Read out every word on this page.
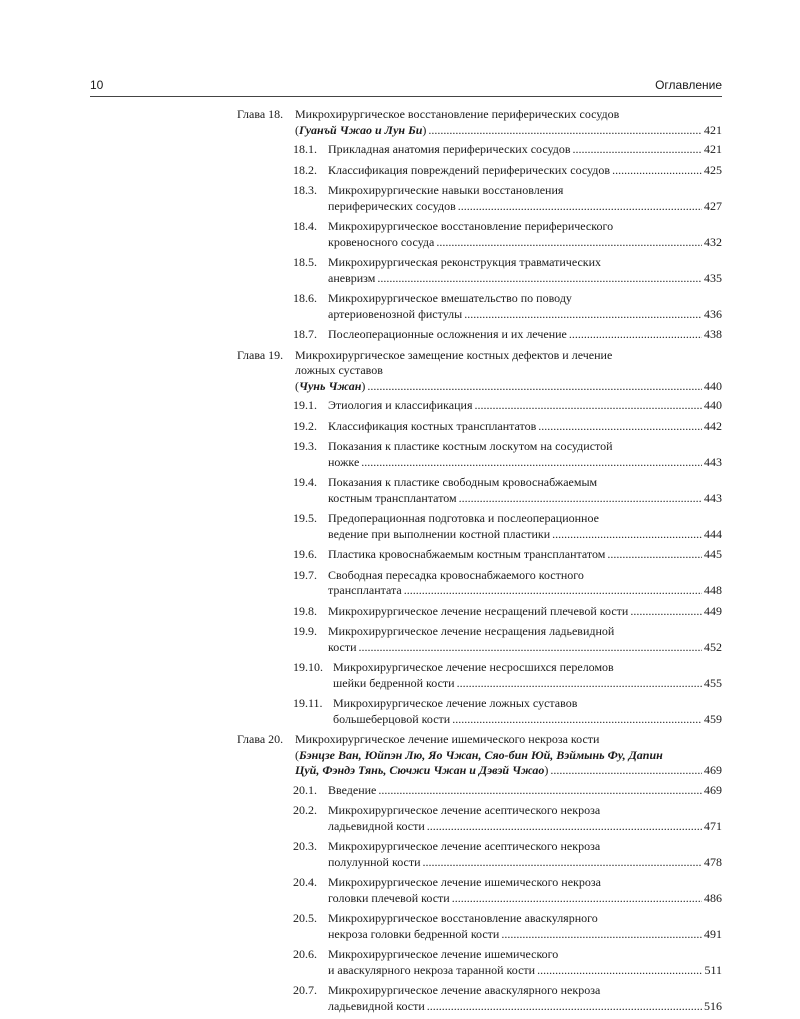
10	Оглавление
Глава 18. Микрохирургическое восстановление периферических сосудов
(Гуанъй Чжао и Лун Би) .....	421
18.1. Прикладная анатомия периферических сосудов .....	421
18.2. Классификация повреждений периферических сосудов .....	425
18.3. Микрохирургические навыки восстановления
периферических сосудов .....	427
18.4. Микрохирургическое восстановление периферического
кровеносного сосуда .....	432
18.5. Микрохирургическая реконструкция травматических
аневризм .....	435
18.6. Микрохирургическое вмешательство по поводу
артериовенозной фистулы .....	436
18.7. Послеоперационные осложнения и их лечение .....	438
Глава 19. Микрохирургическое замещение костных дефектов и лечение
ложных суставов
(Чунь Чжан) .....	440
19.1. Этиология и классификация .....	440
19.2. Классификация костных трансплантатов .....	442
19.3. Показания к пластике костным лоскутом на сосудистой
ножке .....	443
19.4. Показания к пластике свободным кровоснабжаемым
костным трансплантатом .....	443
19.5. Предоперационная подготовка и послеоперационное
ведение при выполнении костной пластики .....	444
19.6. Пластика кровоснабжаемым костным трансплантатом .....	445
19.7. Свободная пересадка кровоснабжаемого костного
трансплантата .....	448
19.8. Микрохирургическое лечение несращений плечевой кости .....	449
19.9. Микрохирургическое лечение несращения ладьевидной
кости .....	452
19.10. Микрохирургическое лечение несросшихся переломов
шейки бедренной кости .....	455
19.11. Микрохирургическое лечение ложных суставов
большеберцовой кости .....	459
Глава 20. Микрохирургическое лечение ишемического некроза кости
(Бэнцзе Ван, Юйпэн Лю, Яо Чжан, Сяо-бин Юй, Вэймынь Фу, Дапин
Цуй, Фэндэ Тянь, Сючжи Чжан и Дэвэй Чжао) .....	469
20.1. Введение .....	469
20.2. Микрохирургическое лечение асептического некроза
ладьевидной кости .....	471
20.3. Микрохирургическое лечение асептического некроза
полулунной кости .....	478
20.4. Микрохирургическое лечение ишемического некроза
головки плечевой кости .....	486
20.5. Микрохирургическое восстановление аваскулярного
некроза головки бедренной кости .....	491
20.6. Микрохирургическое лечение ишемического
и аваскулярного некроза таранной кости .....	511
20.7. Микрохирургическое лечение аваскулярного некроза
ладьевидной кости .....	516
